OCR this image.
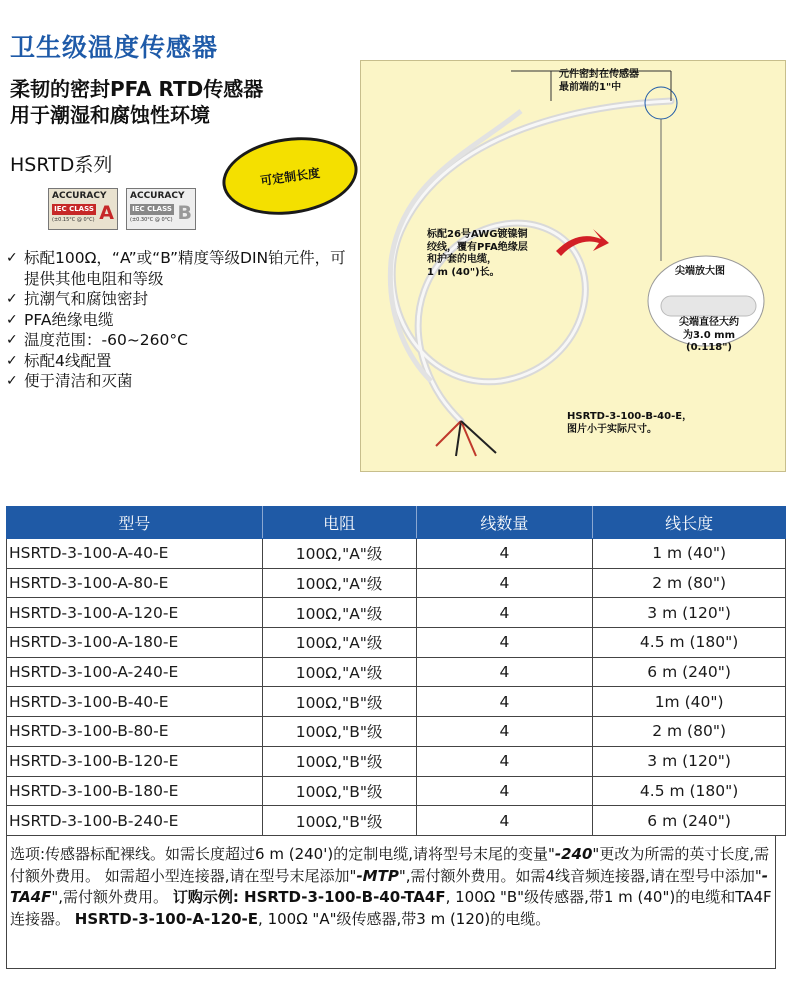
卫生级温度传感器
柔韧的密封PFA RTD传感器
用于潮湿和腐蚀性环境
HSRTD系列
ACCURACY
IEC CLASS
(±0.15°C @ 0°C) A
ACCURACY
IEC CLASS
(±0.30°C @ 0°C) B
可定制长度
✓ 标配100Ω，“A”或“B”精度等级DIN铂元件，可提供其他电阻和等级
✓ 抗潮气和腐蚀密封
✓ PFA绝缘电缆
✓ 温度范围：-60~260°C
✓ 标配4线配置
✓ 便于清洁和灭菌
元件密封在传感器
最前端的1"中
标配26号AWG镀镍铜
绞线，覆有PFA绝缘层
和护套的电缆，
1 m (40")长。	尖端放大图
尖端直径大约
为3.0 mm
(0.118")
HSRTD-3-100-B-40-E，
图片小于实际尺寸。
型号	电阻	线数量	线长度
HSRTD-3-100-A-40-E	100Ω,"A"级	4	1 m (40")
HSRTD-3-100-A-80-E	100Ω,"A"级	4	2 m (80")
HSRTD-3-100-A-120-E	100Ω,"A"级	4	3 m (120")
HSRTD-3-100-A-180-E	100Ω,"A"级	4	4.5 m (180")
HSRTD-3-100-A-240-E	100Ω,"A"级	4	6 m (240")
HSRTD-3-100-B-40-E	100Ω,"B"级	4	1m (40")
HSRTD-3-100-B-80-E	100Ω,"B"级	4	2 m (80")
HSRTD-3-100-B-120-E	100Ω,"B"级	4	3 m (120")
HSRTD-3-100-B-180-E	100Ω,"B"级	4	4.5 m (180")
HSRTD-3-100-B-240-E	100Ω,"B"级	4	6 m (240")
选项:传感器标配裸线。如需长度超过6 m (240')的定制电缆,请将型号末尾的变量"-240"更改为所需的英寸长度,需付额外费用。 如需超小型连接器,请在型号末尾添加"-MTP",需付额外费用。如需4线音频连接器,请在型号中添加"-TA4F",需付额外费用。 订购示例: HSRTD-3-100-B-40-TA4F, 100Ω "B"级传感器,带1 m (40")的电缆和TA4F连接器。 HSRTD-3-100-A-120-E, 100Ω "A"级传感器,带3 m (120)的电缆。
